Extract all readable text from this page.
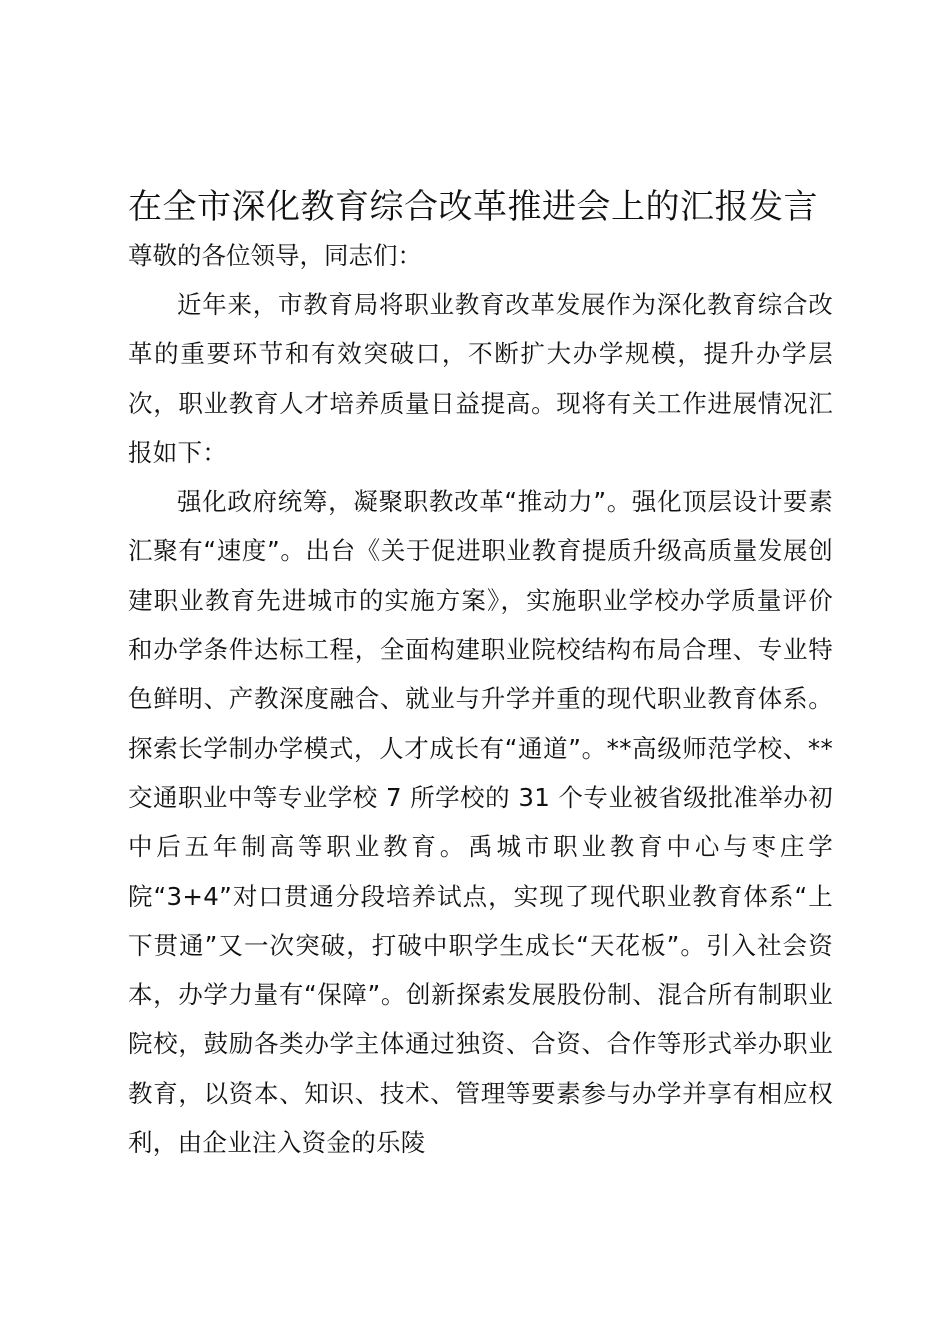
在全市深化教育综合改革推进会上的汇报发言

尊敬的各位领导，同志们：

近年来，市教育局将职业教育改革发展作为深化教育综合改革的重要环节和有效突破口，不断扩大办学规模，提升办学层次，职业教育人才培养质量日益提高。现将有关工作进展情况汇报如下：

强化政府统筹，凝聚职教改革“推动力”。强化顶层设计要素汇聚有“速度”。出台《关于促进职业教育提质升级高质量发展创建职业教育先进城市的实施方案》，实施职业学校办学质量评价和办学条件达标工程，全面构建职业院校结构布局合理、专业特色鲜明、产教深度融合、就业与升学并重的现代职业教育体系。探索长学制办学模式，人才成长有“通道”。**高级师范学校、**交通职业中等专业学校 7 所学校的 31 个专业被省级批准举办初中后五年制高等职业教育。禹城市职业教育中心与枣庄学院“3+4”对口贯通分段培养试点，实现了现代职业教育体系“上下贯通”又一次突破，打破中职学生成长“天花板”。引入社会资本，办学力量有“保障”。创新探索发展股份制、混合所有制职业院校，鼓励各类办学主体通过独资、合资、合作等形式举办职业教育，以资本、知识、技术、管理等要素参与办学并享有相应权利，由企业注入资金的乐陵
